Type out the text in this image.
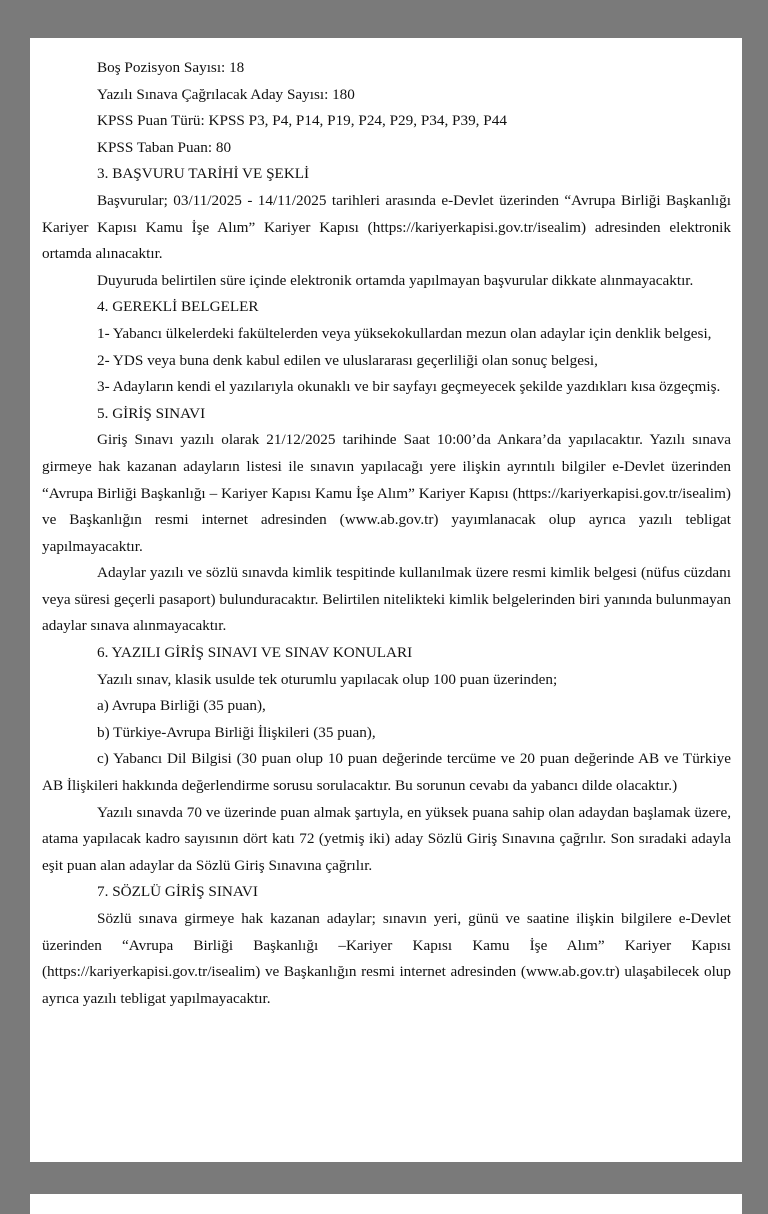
Boş Pozisyon Sayısı: 18

Yazılı Sınava Çağrılacak Aday Sayısı: 180

KPSS Puan Türü: KPSS P3, P4, P14, P19, P24, P29, P34, P39, P44

KPSS Taban Puan: 80

3. BAŞVURU TARİHİ VE ŞEKLİ

Başvurular; 03/11/2025 - 14/11/2025 tarihleri arasında e-Devlet üzerinden “Avrupa Birliği Başkanlığı Kariyer Kapısı Kamu İşe Alım” Kariyer Kapısı (https://kariyerkapisi.gov.tr/isealim) adresinden elektronik ortamda alınacaktır.

Duyuruda belirtilen süre içinde elektronik ortamda yapılmayan başvurular dikkate alınmayacaktır.

4. GEREKLİ BELGELER

1- Yabancı ülkelerdeki fakültelerden veya yüksekokullardan mezun olan adaylar için denklik belgesi,

2- YDS veya buna denk kabul edilen ve uluslararası geçerliliği olan sonuç belgesi,

3- Adayların kendi el yazılarıyla okunaklı ve bir sayfayı geçmeyecek şekilde yazdıkları kısa özgeçmiş.

5. GİRİŞ SINAVI

Giriş Sınavı yazılı olarak 21/12/2025 tarihinde Saat 10:00’da Ankara’da yapılacaktır. Yazılı sınava girmeye hak kazanan adayların listesi ile sınavın yapılacağı yere ilişkin ayrıntılı bilgiler e-Devlet üzerinden “Avrupa Birliği Başkanlığı – Kariyer Kapısı Kamu İşe Alım” Kariyer Kapısı (https://kariyerkapisi.gov.tr/isealim) ve Başkanlığın resmi internet adresinden (www.ab.gov.tr) yayımlanacak olup ayrıca yazılı tebligat yapılmayacaktır.

Adaylar yazılı ve sözlü sınavda kimlik tespitinde kullanılmak üzere resmi kimlik belgesi (nüfus cüzdanı veya süresi geçerli pasaport) bulunduracaktır. Belirtilen nitelikteki kimlik belgelerinden biri yanında bulunmayan adaylar sınava alınmayacaktır.

6. YAZILI GİRİŞ SINAVI VE SINAV KONULARI

Yazılı sınav, klasik usulde tek oturumlu yapılacak olup 100 puan üzerinden;

a) Avrupa Birliği (35 puan),

b) Türkiye-Avrupa Birliği İlişkileri (35 puan),

c) Yabancı Dil Bilgisi (30 puan olup 10 puan değerinde tercüme ve 20 puan değerinde AB ve Türkiye AB İlişkileri hakkında değerlendirme sorusu sorulacaktır. Bu sorunun cevabı da yabancı dilde olacaktır.)

Yazılı sınavda 70 ve üzerinde puan almak şartıyla, en yüksek puana sahip olan adaydan başlamak üzere, atama yapılacak kadro sayısının dört katı 72 (yetmiş iki) aday Sözlü Giriş Sınavına çağrılır. Son sıradaki adayla eşit puan alan adaylar da Sözlü Giriş Sınavına çağrılır.

7. SÖZLÜ GİRİŞ SINAVI

Sözlü sınava girmeye hak kazanan adaylar; sınavın yeri, günü ve saatine ilişkin bilgilere e-Devlet üzerinden “Avrupa Birliği Başkanlığı –Kariyer Kapısı Kamu İşe Alım” Kariyer Kapısı (https://kariyerkapisi.gov.tr/isealim) ve Başkanlığın resmi internet adresinden (www.ab.gov.tr) ulaşabilecek olup ayrıca yazılı tebligat yapılmayacaktır.
